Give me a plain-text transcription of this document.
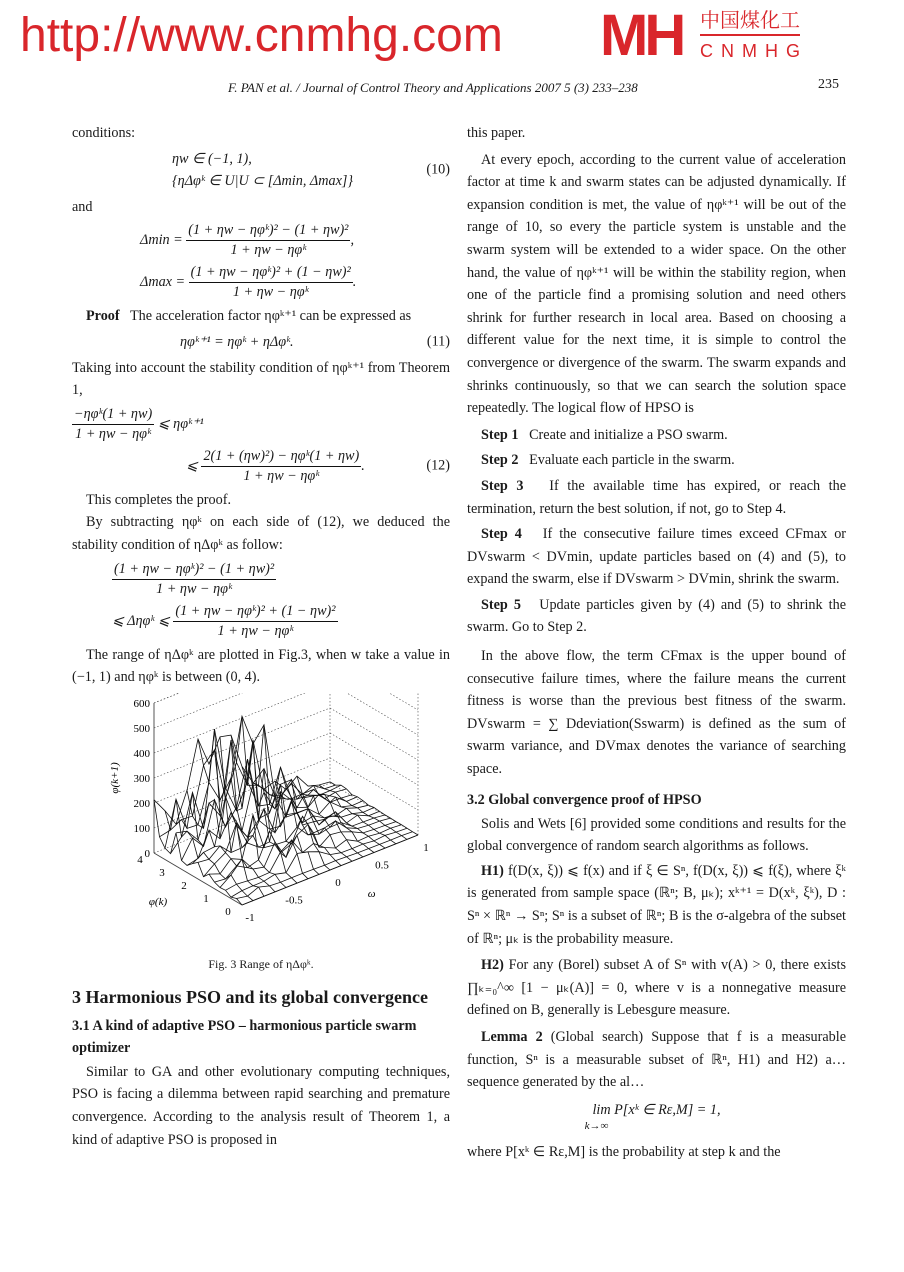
http://www.cnmhg.com MH 中国煤化工
CNMHG
F. PAN et al. / Journal of Control Theory and Applications 2007 5 (3) 233–238	235

conditions:

ηw ∈ (−1, 1),
{ηΔφᵏ ∈ U|U ⊂ [Δmin, Δmax]}
(10)

and

$\Delta\min = \frac{\text{(1 + ηw − ηφᵏ)² − (1 + ηw)²}}{\text{1 + ηw − ηφᵏ}}$ ,
$\Delta\max = \frac{\text{(1 + ηw − ηφᵏ)² + (1 − ηw)²}}{\text{1 + ηw − ηφᵏ}}$ .

Proof The acceleration factor ηφᵏ⁺¹ can be expressed as

ηφᵏ⁺¹ = ηφᵏ + ηΔφᵏ.	(11)

Taking into account the stability condition of ηφᵏ⁺¹ from Theorem 1,

$\frac{\text{−ηφᵏ(1 + ηw)}}{\text{1 + ηw − ηφᵏ}}$ ⩽ ηφᵏ⁺¹
⩽ $\frac{\text{2(1 + (ηw)²) − ηφᵏ(1 + ηw)}}{\text{1 + ηw − ηφᵏ}}$ .	(12)

This completes the proof.

By subtracting ηφᵏ on each side of (12), we deduced the stability condition of ηΔφᵏ as follow:

$\frac{\text{(1 + ηw − ηφᵏ)² − (1 + ηw)²}}{\text{1 + ηw − ηφᵏ}}$
⩽ Δηφᵏ ⩽ $\frac{\text{(1 + ηw − ηφᵏ)² + (1 − ηw)²}}{\text{1 + ηw − ηφᵏ}}$

The range of ηΔφᵏ are plotted in Fig.3, when w take a value in (−1, 1) and ηφᵏ is between (0, 4).

600
500
400
300
200
100
0
φ(k+1)
4
3
2
1
0
φ(k)
-1
-0.5
0
0.5
1
ω
Fig. 3 Range of ηΔφᵏ.
3 Harmonious PSO and its global convergence
3.1 A kind of adaptive PSO – harmonious particle swarm optimizer

Similar to GA and other evolutionary computing techniques, PSO is facing a dilemma between rapid searching and premature convergence. According to the analysis result of Theorem 1, a kind of adaptive PSO is proposed in

this paper.

At every epoch, according to the current value of acceleration factor at time k and swarm states can be adjusted dynamically. If expansion condition is met, the value of ηφᵏ⁺¹ will be out of the range of 10, so every the particle system is unstable and the swarm system will be extended to a wider space. On the other hand, the value of ηφᵏ⁺¹ will be within the stability region, when one of the particle find a promising solution and need others shrink for further research in local area. Based on choosing a different value for the next time, it is simple to control the convergence or divergence of the swarm. The swarm expands and shrinks continuously, so that we can search the solution space repeatedly. The logical flow of HPSO is

Step 1 Create and initialize a PSO swarm.

Step 2 Evaluate each particle in the swarm.

Step 3 If the available time has expired, or reach the termination, return the best solution, if not, go to Step 4.

Step 4 If the consecutive failure times exceed CFmax or DVswarm < DVmin, update particles based on (4) and (5), to expand the swarm, else if DVswarm > DVmin, shrink the swarm.

Step 5 Update particles given by (4) and (5) to shrink the swarm. Go to Step 2.

In the above flow, the term CFmax is the upper bound of consecutive failure times, where the failure means the current fitness is worse than the previous best fitness of the swarm. DVswarm = ∑ Ddeviation(Sswarm) is defined as the sum of swarm variance, and DVmax denotes the variance of searching space.

3.2 Global convergence proof of HPSO

Solis and Wets [6] provided some conditions and results for the global convergence of random search algorithms as follows.

H1) f(D(x, ξ)) ⩽ f(x) and if ξ ∈ Sⁿ, f(D(x, ξ)) ⩽ f(ξ), where ξᵏ is generated from sample space (ℝⁿ; B, μₖ); xᵏ⁺¹ = D(xᵏ, ξᵏ), D : Sⁿ × ℝⁿ → Sⁿ; Sⁿ is a subset of ℝⁿ; B is the σ-algebra of the subset of ℝⁿ; μₖ is the probability measure.

H2) For any (Borel) subset A of Sⁿ with v(A) > 0, there exists ∏ₖ₌₀^∞ [1 − μₖ(A)] = 0, where v is a nonnegative measure defined on B, generally is Lebesgure measure.

Lemma 2 (Global search) Suppose that f is a measurable function, Sⁿ is a measurable subset of ℝⁿ, H1) and H2) a… sequence generated by the al…

lim P[xᵏ ∈ Rε,M] = 1,
k→∞

where P[xᵏ ∈ Rε,M] is the probability at step k and the
